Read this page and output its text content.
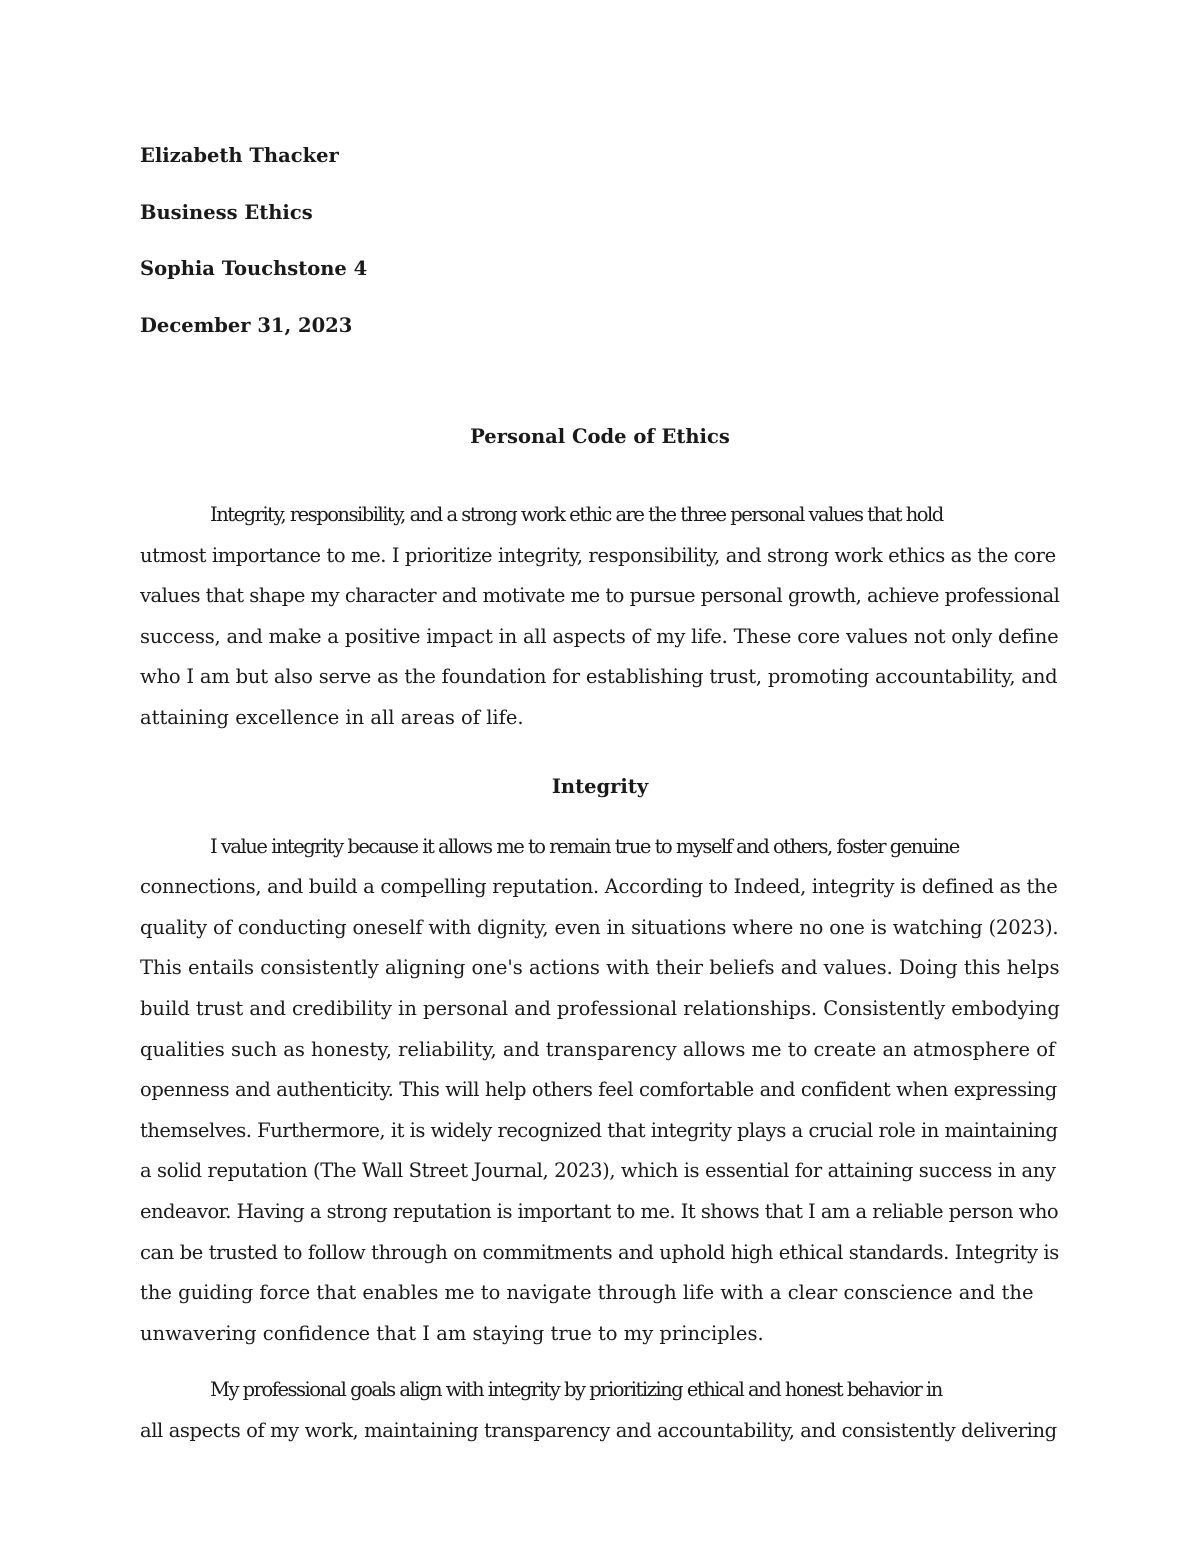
Elizabeth Thacker

Business Ethics

Sophia Touchstone 4

December 31, 2023

Personal Code of Ethics
Integrity, responsibility, and a strong work ethic are the three personal values that hold
utmost importance to me. I prioritize integrity, responsibility, and strong work ethics as the core
values that shape my character and motivate me to pursue personal growth, achieve professional
success, and make a positive impact in all aspects of my life. These core values not only define
who I am but also serve as the foundation for establishing trust, promoting accountability, and
attaining excellence in all areas of life.
Integrity
I value integrity because it allows me to remain true to myself and others, foster genuine
connections, and build a compelling reputation. According to Indeed, integrity is defined as the
quality of conducting oneself with dignity, even in situations where no one is watching (2023).
This entails consistently aligning one's actions with their beliefs and values. Doing this helps
build trust and credibility in personal and professional relationships. Consistently embodying
qualities such as honesty, reliability, and transparency allows me to create an atmosphere of
openness and authenticity. This will help others feel comfortable and confident when expressing
themselves. Furthermore, it is widely recognized that integrity plays a crucial role in maintaining
a solid reputation (The Wall Street Journal, 2023), which is essential for attaining success in any
endeavor. Having a strong reputation is important to me. It shows that I am a reliable person who
can be trusted to follow through on commitments and uphold high ethical standards. Integrity is
the guiding force that enables me to navigate through life with a clear conscience and the
unwavering confidence that I am staying true to my principles.
My professional goals align with integrity by prioritizing ethical and honest behavior in
all aspects of my work, maintaining transparency and accountability, and consistently delivering
